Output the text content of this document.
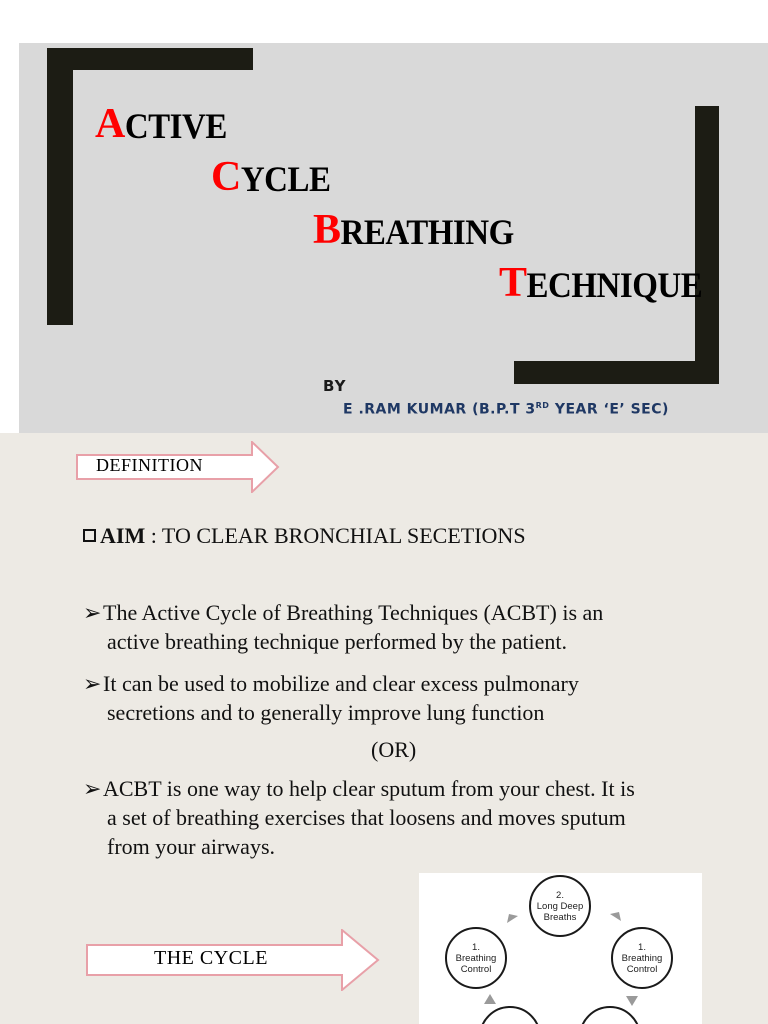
ACTIVE
CYCLE
BREATHING
TECHNIQUE
BY
E .RAM KUMAR (B.P.T 3RD YEAR ‘E’ SEC)
DEFINITION
AIM : TO CLEAR BRONCHIAL SECETIONS
➢The Active Cycle of Breathing Techniques (ACBT) is an
active breathing technique performed by the patient.
➢It can be used to mobilize and clear excess pulmonary
secretions and to generally improve lung function
(OR)
➢ACBT is one way to help clear sputum from your chest. It is
a set of breathing exercises that loosens and moves sputum
from your airways.
THE CYCLE
2.
Long Deep
Breaths
1.
Breathing
Control
1.
Breathing
Control
